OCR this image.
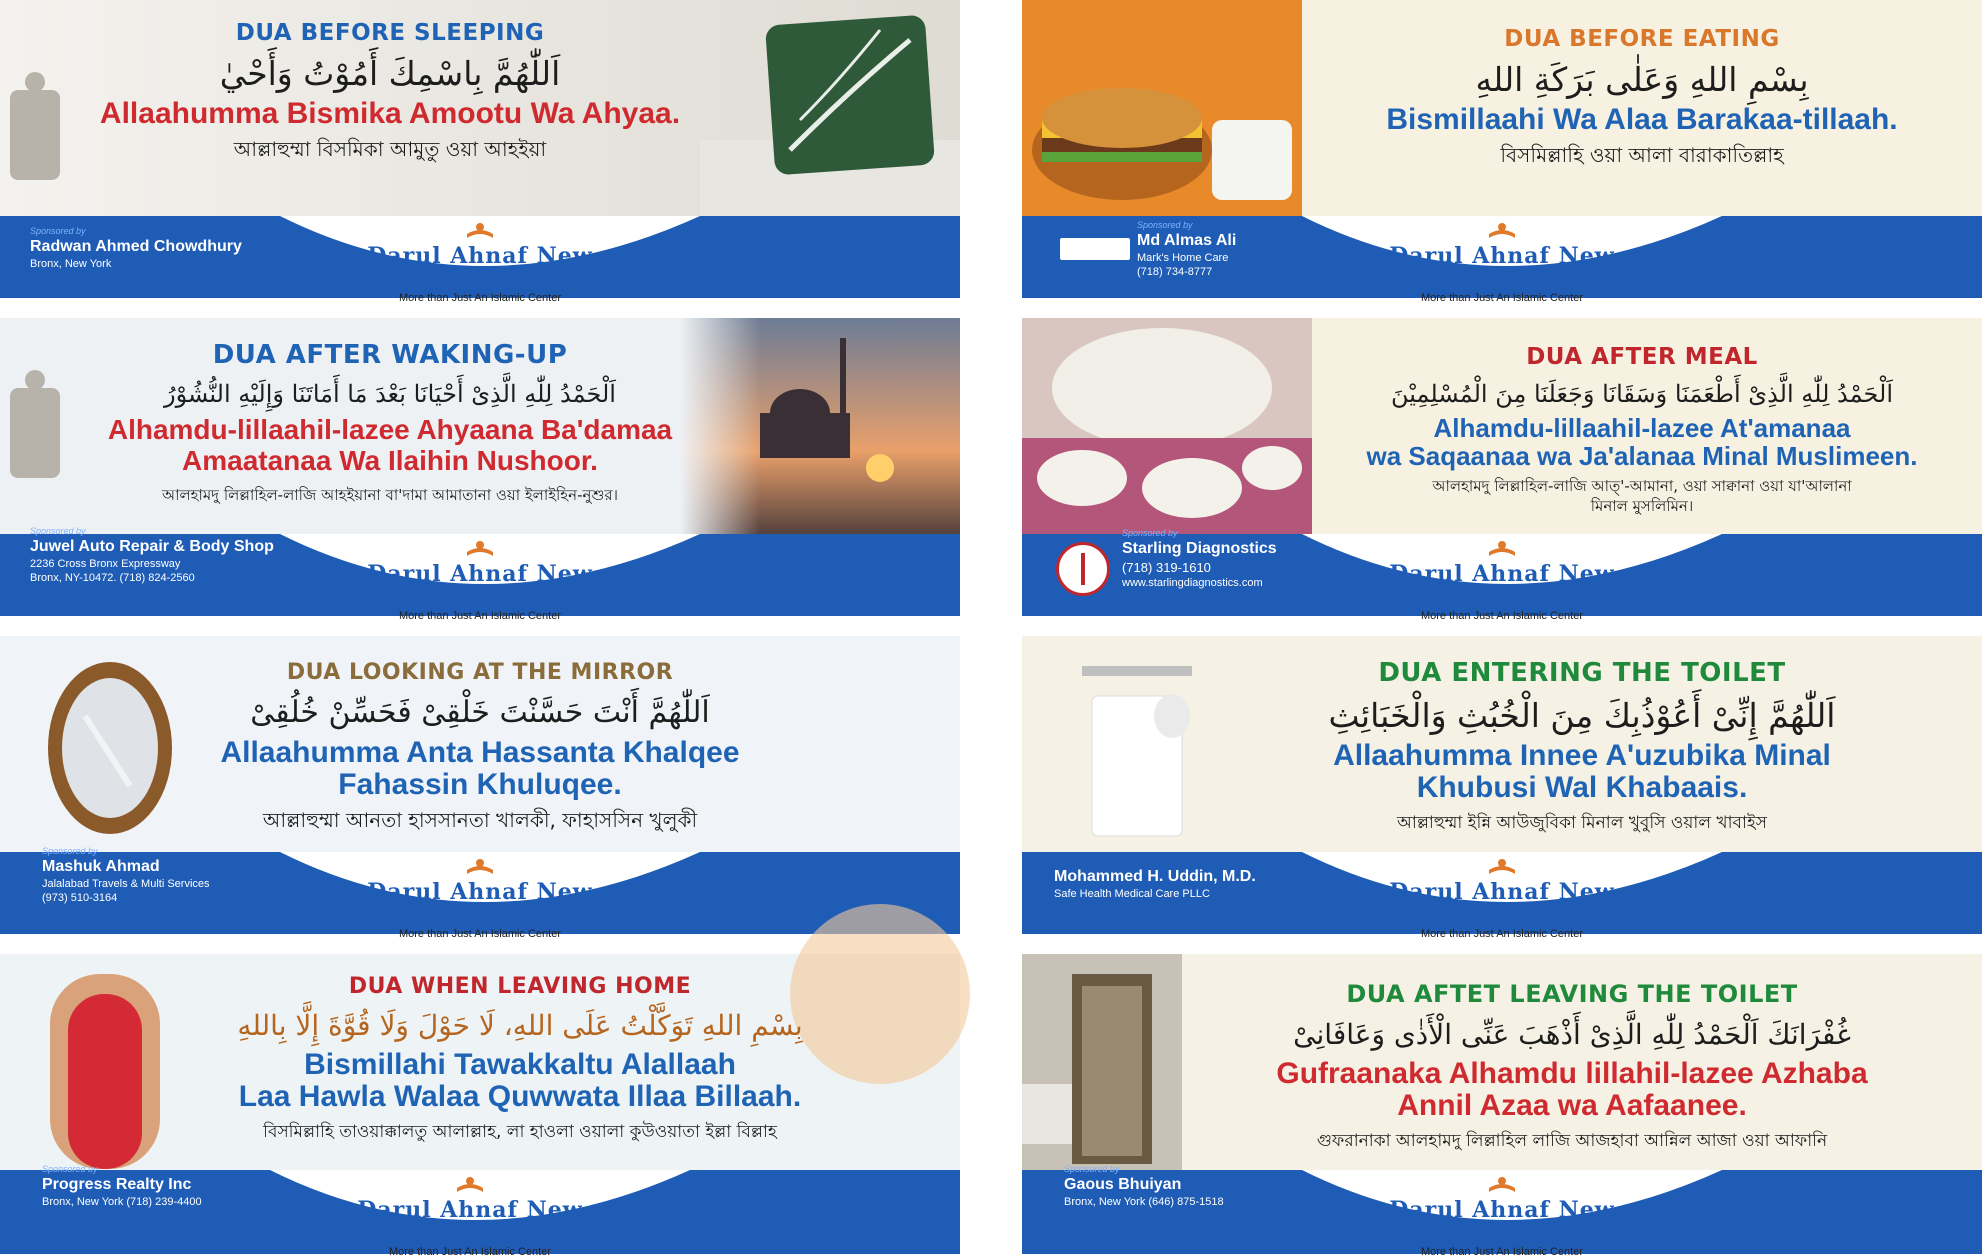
DUA BEFORE SLEEPING
اَللّٰهُمَّ بِاسْمِكَ أَمُوْتُ وَأَحْيٰ
Allaahumma Bismika Amootu Wa Ahyaa.
আল্লাহুম্মা বিসমিকা আমুতু ওয়া আহইয়া
Sponsored by
Radwan Ahmed Chowdhury
Bronx, New York	Darul Ahnaf New York
More than Just An Islamic Center
DUA BEFORE EATING
بِسْمِ اللهِ وَعَلٰى بَرَكَةِ اللهِ
Bismillaahi Wa Alaa Barakaa-tillaah.
বিসমিল্লাহি ওয়া আলা বারাকাতিল্লাহ
Sponsored by
Md Almas Ali
Mark's Home Care
(718) 734-8777
Darul Ahnaf New York
More than Just An Islamic Center
DUA AFTER WAKING-UP
اَلْحَمْدُ لِلّٰهِ الَّذِىْ أَحْيَانَا بَعْدَ مَا أَمَاتَنَا وَإِلَيْهِ النُّشُوْرُ
Alhamdu-lillaahil-lazee Ahyaana Ba'damaa
Amaatanaa Wa Ilaihin Nushoor.
আলহামদু লিল্লাহিল-লাজি আহইয়ানা বা'দামা আমাতানা ওয়া ইলাইহিন-নুশুর।
Sponsored by
Juwel Auto Repair & Body Shop
2236 Cross Bronx Expressway
Bronx, NY-10472. (718) 824-2560	Darul Ahnaf New York
More than Just An Islamic Center
DUA AFTER MEAL
اَلْحَمْدُ لِلّٰهِ الَّذِىْ أَطْعَمَنَا وَسَقَانَا وَجَعَلَنَا مِنَ الْمُسْلِمِيْنَ
Alhamdu-lillaahil-lazee At'amanaa
wa Saqaanaa wa Ja'alanaa Minal Muslimeen.
আলহামদু লিল্লাহিল-লাজি আত্'-আমানা, ওয়া সাক্বানা ওয়া যা'আলানা মিনাল মুসলিমিন।
Sponsored by
Starling Diagnostics
(718) 319-1610
www.starlingdiagnostics.com	Darul Ahnaf New York
More than Just An Islamic Center
DUA LOOKING AT THE MIRROR
اَللّٰهُمَّ أَنْتَ حَسَّنْتَ خَلْقِىْ فَحَسِّنْ خُلُقِىْ
Allaahumma Anta Hassanta Khalqee
Fahassin Khuluqee.
আল্লাহুম্মা আনতা হাসসানতা খালকী, ফাহাসসিন খুলুকী
Sponsored by
Mashuk Ahmad
Jalalabad Travels & Multi Services
(973) 510-3164	Darul Ahnaf New York
More than Just An Islamic Center
DUA ENTERING THE TOILET
اَللّٰهُمَّ إِنِّىْ أَعُوْذُبِكَ مِنَ الْخُبُثِ وَالْخَبَائِثِ
Allaahumma Innee A'uzubika Minal
Khubusi Wal Khabaais.
আল্লাহুম্মা ইন্নি আউজুবিকা মিনাল খুবুসি ওয়াল খাবাইস
Mohammed H. Uddin, M.D.
Safe Health Medical Care PLLC	Darul Ahnaf New York
More than Just An Islamic Center
DUA WHEN LEAVING HOME
بِسْمِ اللهِ تَوَكَّلْتُ عَلَى اللهِ، لَا حَوْلَ وَلَا قُوَّةَ إِلَّا بِاللهِ
Bismillahi Tawakkaltu Alallaah
Laa Hawla Walaa Quwwata Illaa Billaah.
বিসমিল্লাহি তাওয়াক্কালতু আলাল্লাহ, লা হাওলা ওয়ালা কুউওয়াতা ইল্লা বিল্লাহ
Sponsored by
Progress Realty Inc
Bronx, New York (718) 239-4400	Darul Ahnaf New York
More than Just An Islamic Center
DUA AFTET LEAVING THE TOILET
غُفْرَانَكَ اَلْحَمْدُ لِلّٰهِ الَّذِىْ أَذْهَبَ عَنِّى الْأَذٰى وَعَافَانِىْ
Gufraanaka Alhamdu lillahil-lazee Azhaba
Annil Azaa wa Aafaanee.
গুফরানাকা আলহামদু লিল্লাহিল লাজি আজহাবা আন্নিল আজা ওয়া আফানি
Sponsored by
Gaous Bhuiyan
Bronx, New York (646) 875-1518	Darul Ahnaf New York
More than Just An Islamic Center
